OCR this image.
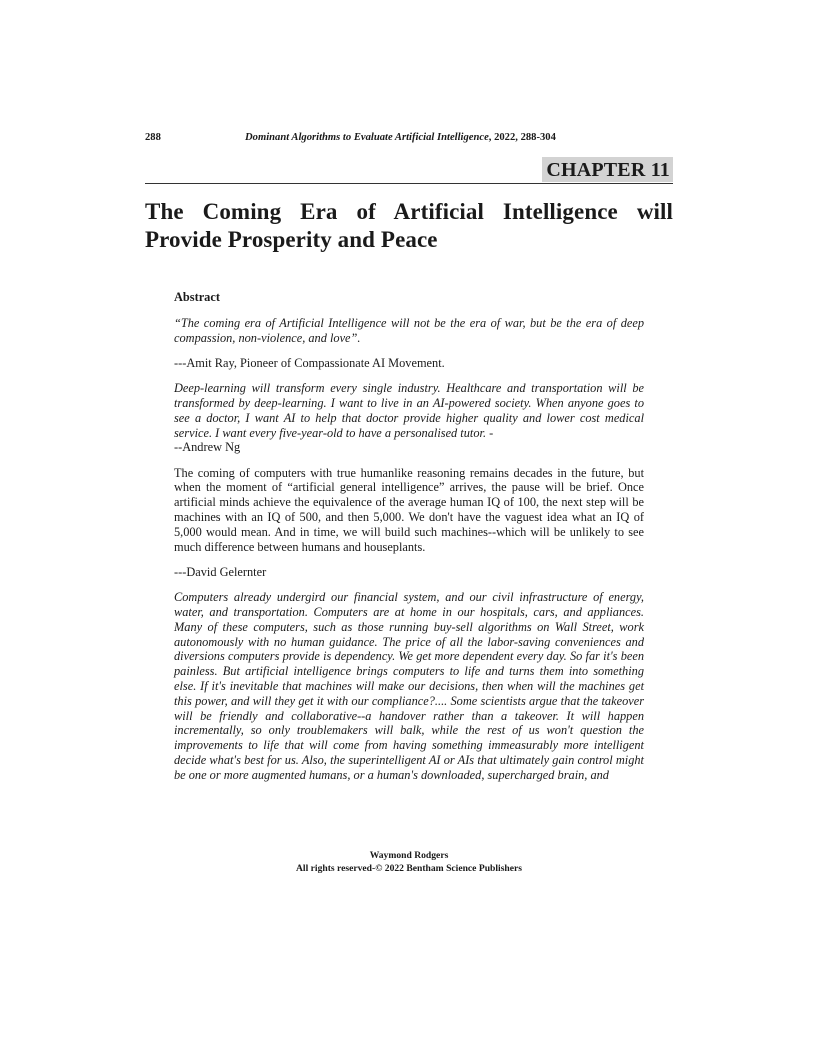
288	Dominant Algorithms to Evaluate Artificial Intelligence, 2022, 288-304
CHAPTER 11
The Coming Era of Artificial Intelligence will
Provide Prosperity and Peace

Abstract

“The coming era of Artificial Intelligence will not be the era of war, but be the era of deep compassion, non-violence, and love”.

---Amit Ray, Pioneer of Compassionate AI Movement.

Deep-learning will transform every single industry. Healthcare and transportation will be transformed by deep-learning. I want to live in an AI-powered society. When anyone goes to see a doctor, I want AI to help that doctor provide higher quality and lower cost medical service. I want every five-year-old to have a personalised tutor. -
--Andrew Ng

The coming of computers with true humanlike reasoning remains decades in the future, but when the moment of “artificial general intelligence” arrives, the pause will be brief. Once artificial minds achieve the equivalence of the average human IQ of 100, the next step will be machines with an IQ of 500, and then 5,000. We don't have the vaguest idea what an IQ of 5,000 would mean. And in time, we will build such machines--which will be unlikely to see much difference between humans and houseplants.

---David Gelernter

Computers already undergird our financial system, and our civil infrastructure of energy, water, and transportation. Computers are at home in our hospitals, cars, and appliances. Many of these computers, such as those running buy-sell algorithms on Wall Street, work autonomously with no human guidance. The price of all the labor-saving conveniences and diversions computers provide is dependency. We get more dependent every day. So far it's been painless. But artificial intelligence brings computers to life and turns them into something else. If it's inevitable that machines will make our decisions, then when will the machines get this power, and will they get it with our compliance?.... Some scientists argue that the takeover will be friendly and collaborative--a handover rather than a takeover. It will happen incrementally, so only troublemakers will balk, while the rest of us won't question the improvements to life that will come from having something immeasurably more intelligent decide what's best for us. Also, the superintelligent AI or AIs that ultimately gain control might be one or more augmented humans, or a human's downloaded, supercharged brain, and

Waymond Rodgers
All rights reserved-© 2022 Bentham Science Publishers
